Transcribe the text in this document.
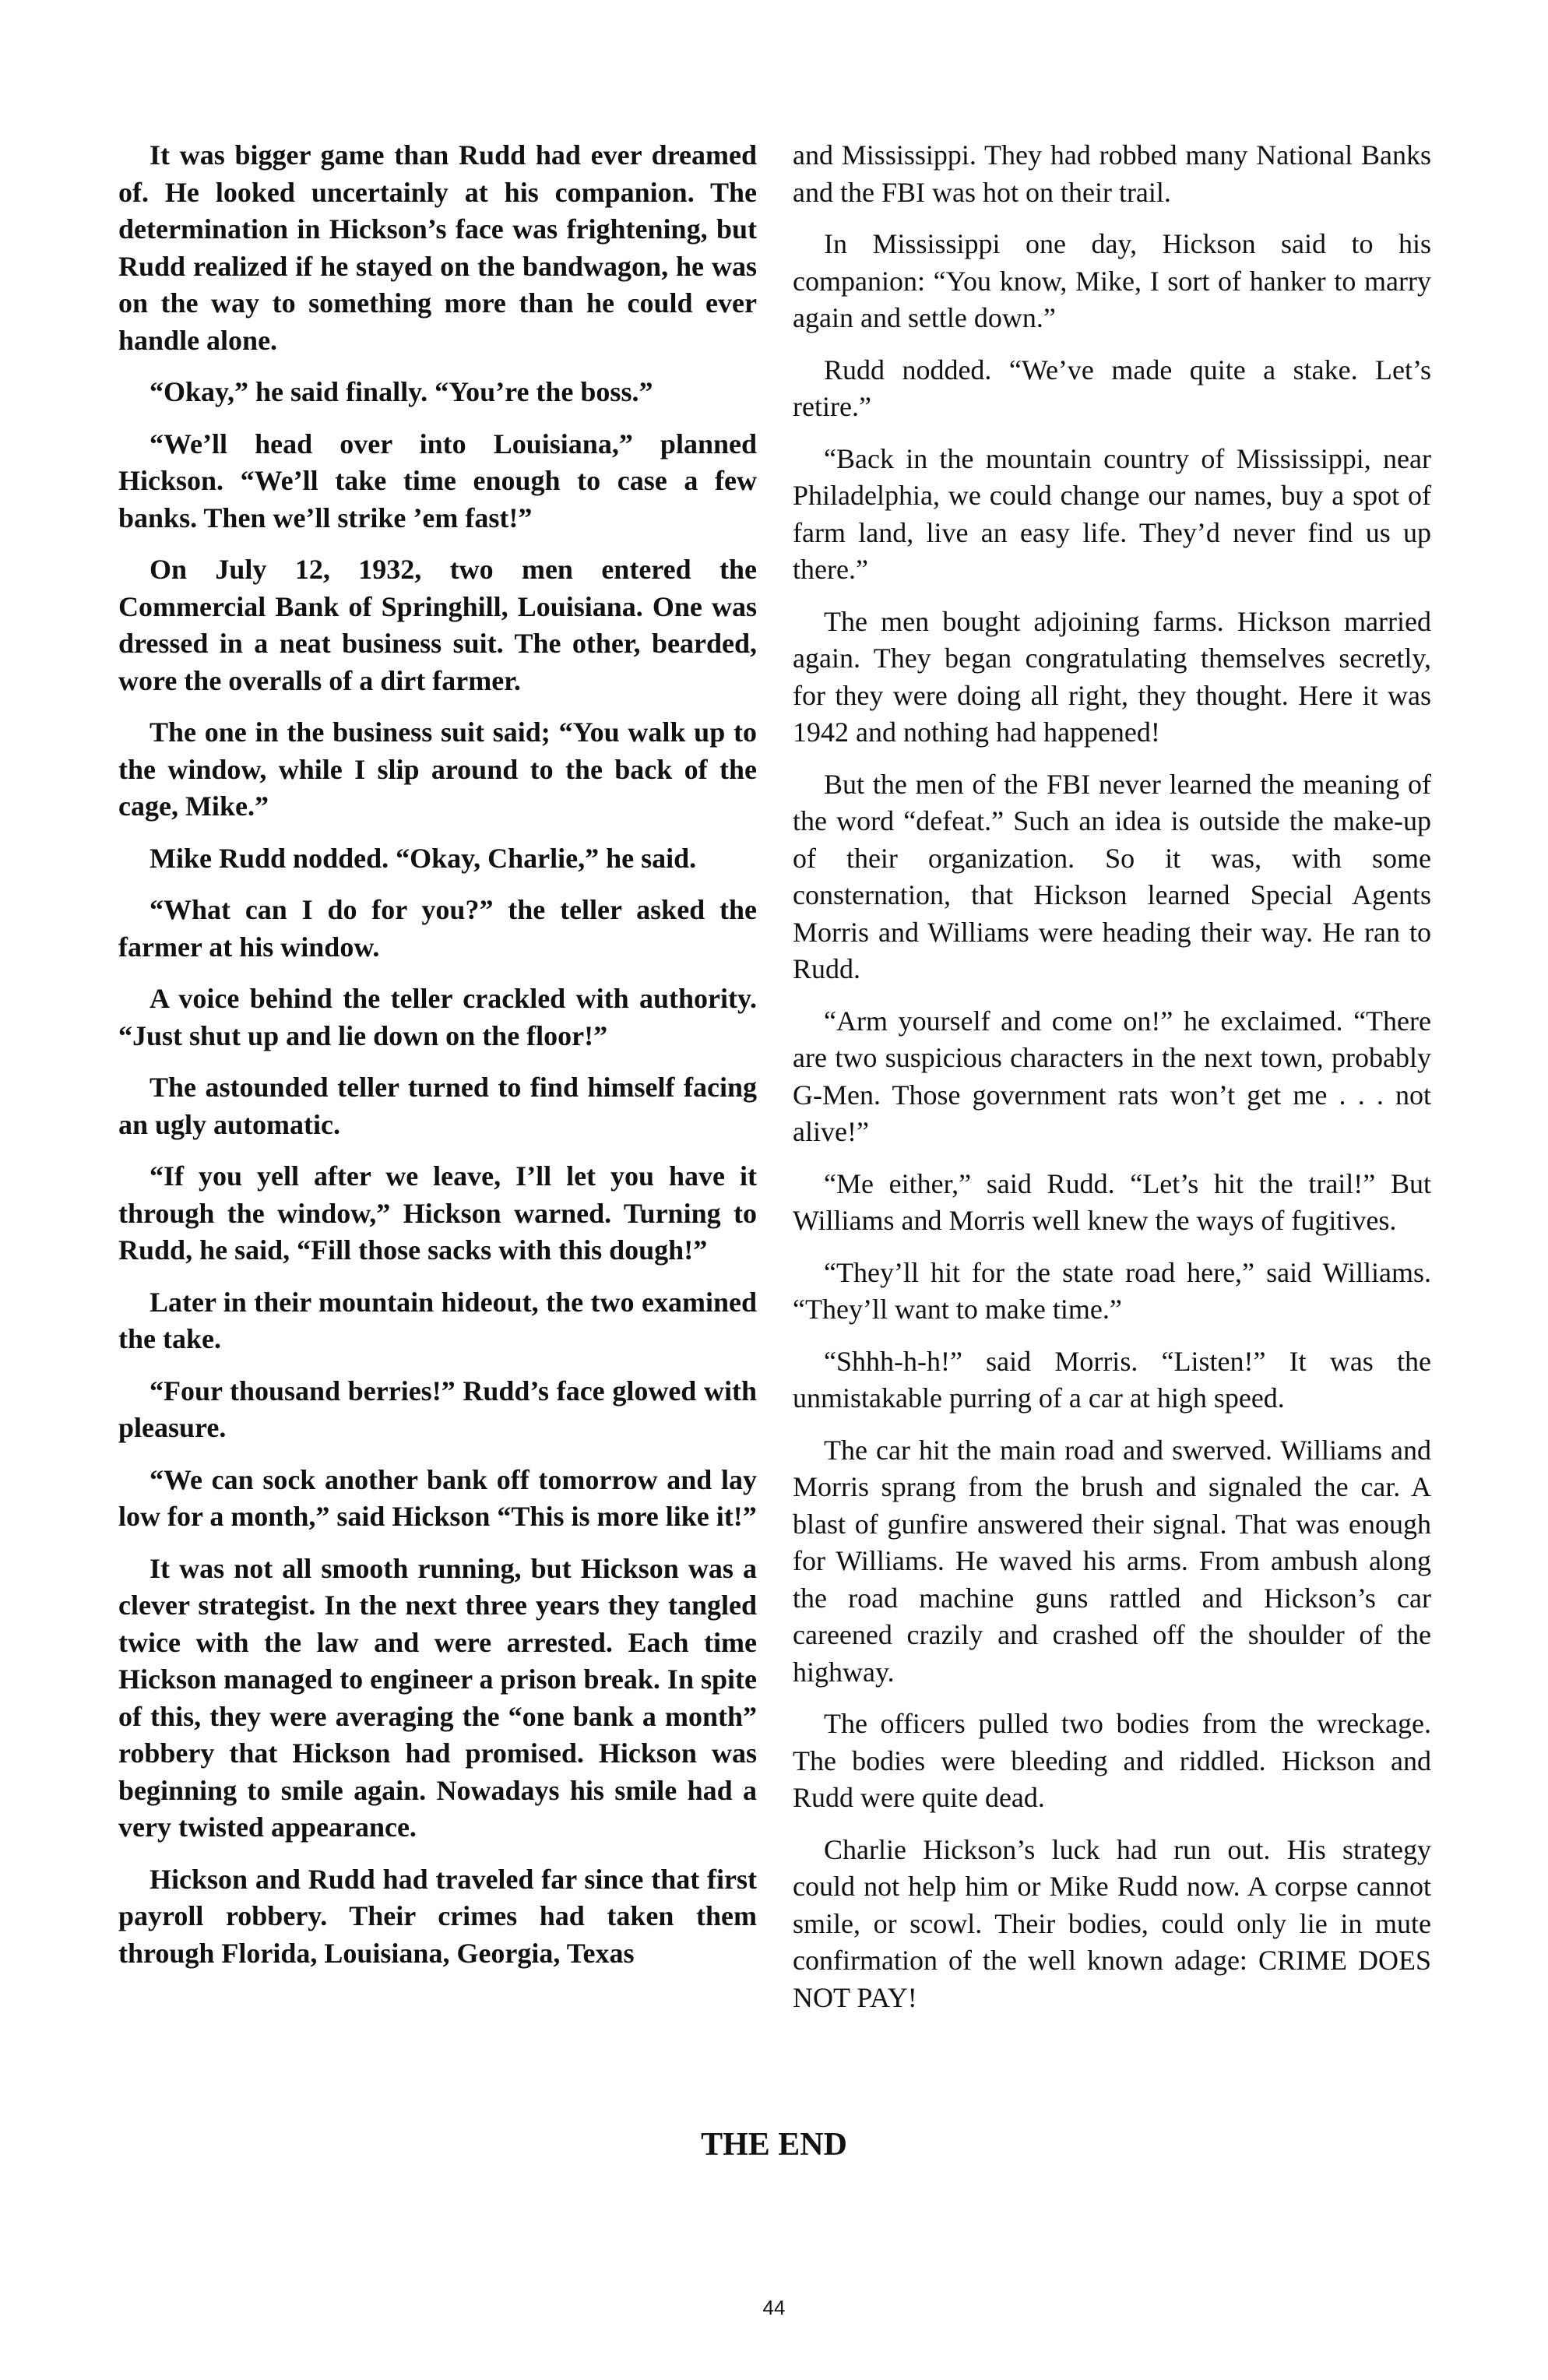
It was bigger game than Rudd had ever dreamed of. He looked uncertainly at his companion. The determination in Hickson’s face was frightening, but Rudd realized if he stayed on the bandwagon, he was on the way to something more than he could ever handle alone.

“Okay,” he said finally. “You’re the boss.”

“We’ll head over into Louisiana,” planned Hickson. “We’ll take time enough to case a few banks. Then we’ll strike ’em fast!”

On July 12, 1932, two men entered the Commercial Bank of Springhill, Louisiana. One was dressed in a neat business suit. The other, bearded, wore the overalls of a dirt farmer.

The one in the business suit said; “You walk up to the window, while I slip around to the back of the cage, Mike.”

Mike Rudd nodded. “Okay, Charlie,” he said.

“What can I do for you?” the teller asked the farmer at his window.

A voice behind the teller crackled with authority. “Just shut up and lie down on the floor!”

The astounded teller turned to find himself facing an ugly automatic.

“If you yell after we leave, I’ll let you have it through the window,” Hickson warned. Turning to Rudd, he said, “Fill those sacks with this dough!”

Later in their mountain hideout, the two examined the take.

“Four thousand berries!” Rudd’s face glowed with pleasure.

“We can sock another bank off tomorrow and lay low for a month,” said Hickson “This is more like it!”

It was not all smooth running, but Hickson was a clever strategist. In the next three years they tangled twice with the law and were arrested. Each time Hickson managed to engineer a prison break. In spite of this, they were averaging the “one bank a month” robbery that Hickson had promised. Hickson was beginning to smile again. Nowadays his smile had a very twisted appearance.

Hickson and Rudd had traveled far since that first payroll robbery. Their crimes had taken them through Florida, Louisiana, Georgia, Texas

and Mississippi. They had robbed many National Banks and the FBI was hot on their trail.

In Mississippi one day, Hickson said to his companion: “You know, Mike, I sort of hanker to marry again and settle down.”

Rudd nodded. “We’ve made quite a stake. Let’s retire.”

“Back in the mountain country of Mississippi, near Philadelphia, we could change our names, buy a spot of farm land, live an easy life. They’d never find us up there.”

The men bought adjoining farms. Hickson married again. They began congratulating themselves secretly, for they were doing all right, they thought. Here it was 1942 and nothing had happened!

But the men of the FBI never learned the meaning of the word “defeat.” Such an idea is outside the make-up of their organization. So it was, with some consternation, that Hickson learned Special Agents Morris and Williams were heading their way. He ran to Rudd.

“Arm yourself and come on!” he exclaimed. “There are two suspicious characters in the next town, probably G-Men. Those government rats won’t get me . . . not alive!”

“Me either,” said Rudd. “Let’s hit the trail!” But Williams and Morris well knew the ways of fugitives.

“They’ll hit for the state road here,” said Williams. “They’ll want to make time.”

“Shhh-h-h!” said Morris. “Listen!” It was the unmistakable purring of a car at high speed.

The car hit the main road and swerved. Williams and Morris sprang from the brush and signaled the car. A blast of gunfire answered their signal. That was enough for Williams. He waved his arms. From ambush along the road machine guns rattled and Hickson’s car careened crazily and crashed off the shoulder of the highway.

The officers pulled two bodies from the wreckage. The bodies were bleeding and riddled. Hickson and Rudd were quite dead.

Charlie Hickson’s luck had run out. His strategy could not help him or Mike Rudd now. A corpse cannot smile, or scowl. Their bodies, could only lie in mute confirmation of the well known adage: CRIME DOES NOT PAY!

THE END
44
